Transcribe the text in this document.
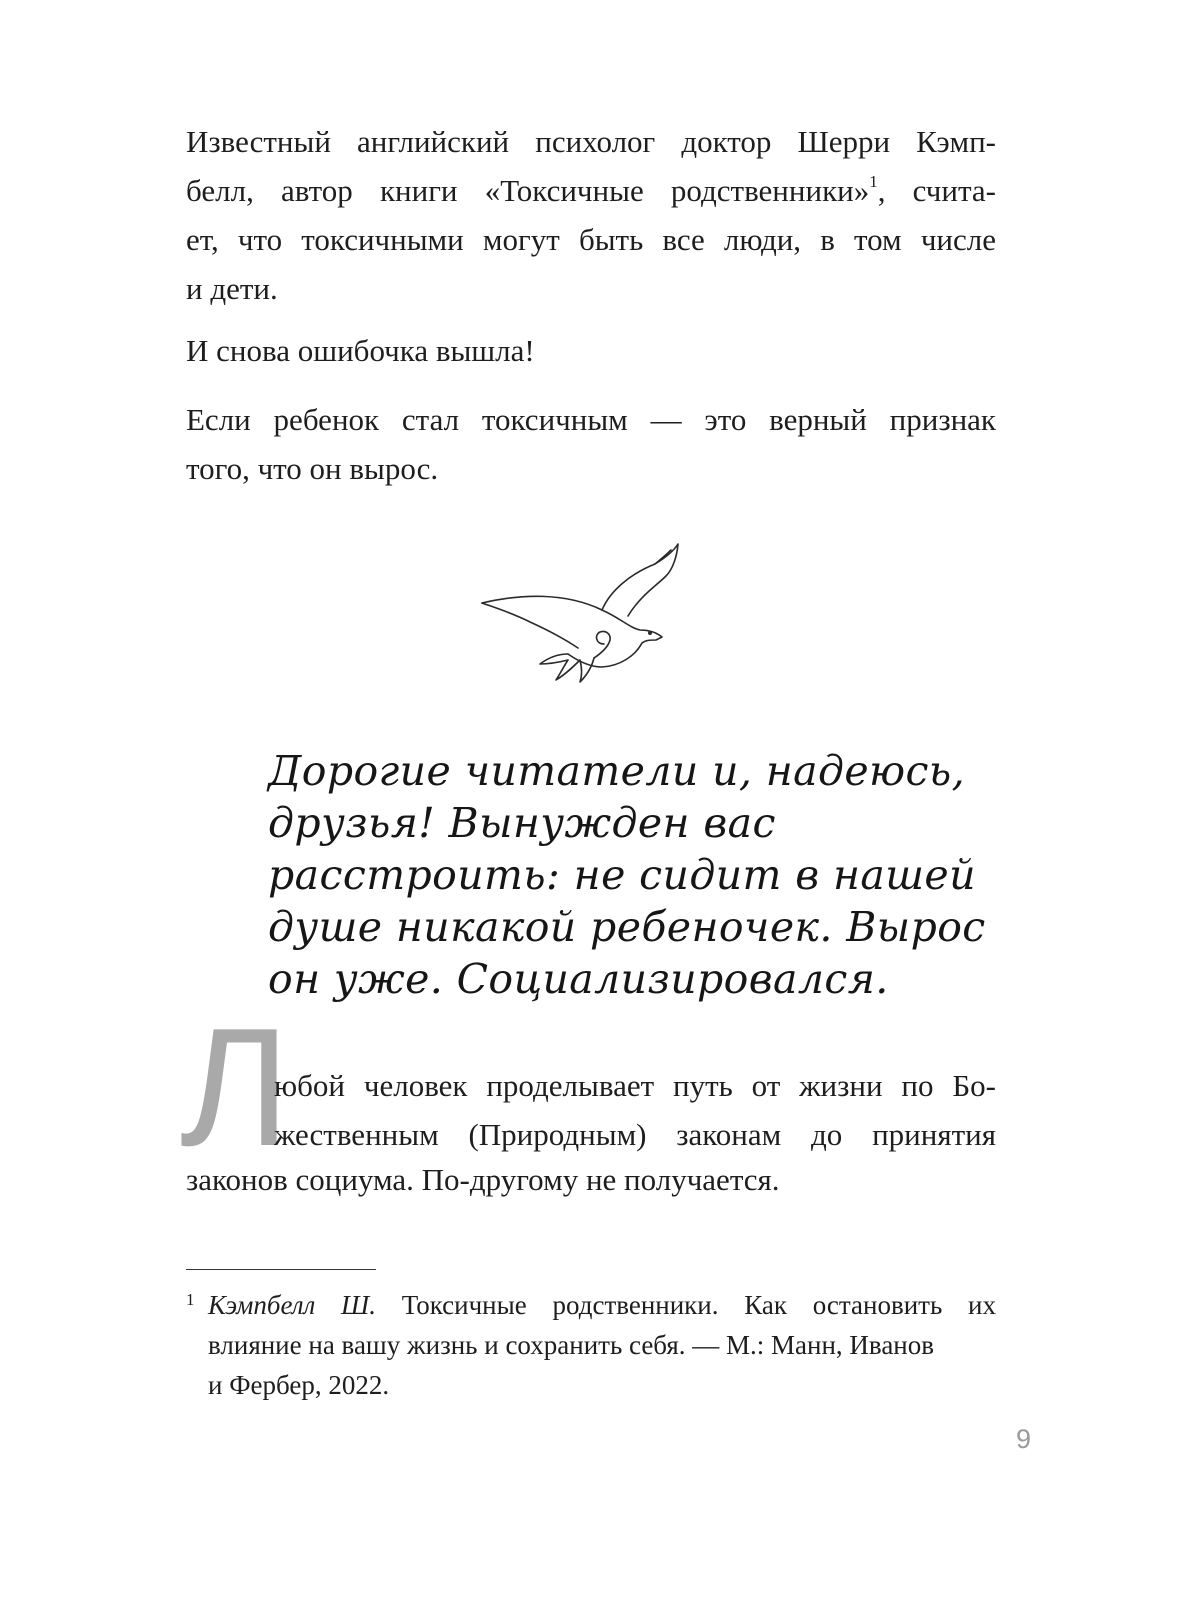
Известный английский психолог доктор Шерри Кэмп-
белл, автор книги «Токсичные родственники»$^1$, счита-
ет, что токсичными могут быть все люди, в том числе
и дети.
И снова ошибочка вышла!
Если ребенок стал токсичным — это верный признак
того, что он вырос.
Дорогие читатели и, надеюсь,
друзья! Вынужден вас
расстроить: не сидит в нашей
душе никакой ребеночек. Вырос
он уже. Социализировался.
Л
юбой человек проделывает путь от жизни по Бо-
жественным (Природным) законам до принятия
законов социума. По-другому не получается.
1 Кэмпбелл Ш. Токсичные родственники. Как остановить их
влияние на вашу жизнь и сохранить себя. — М.: Манн, Иванов
и Фербер, 2022.
9
